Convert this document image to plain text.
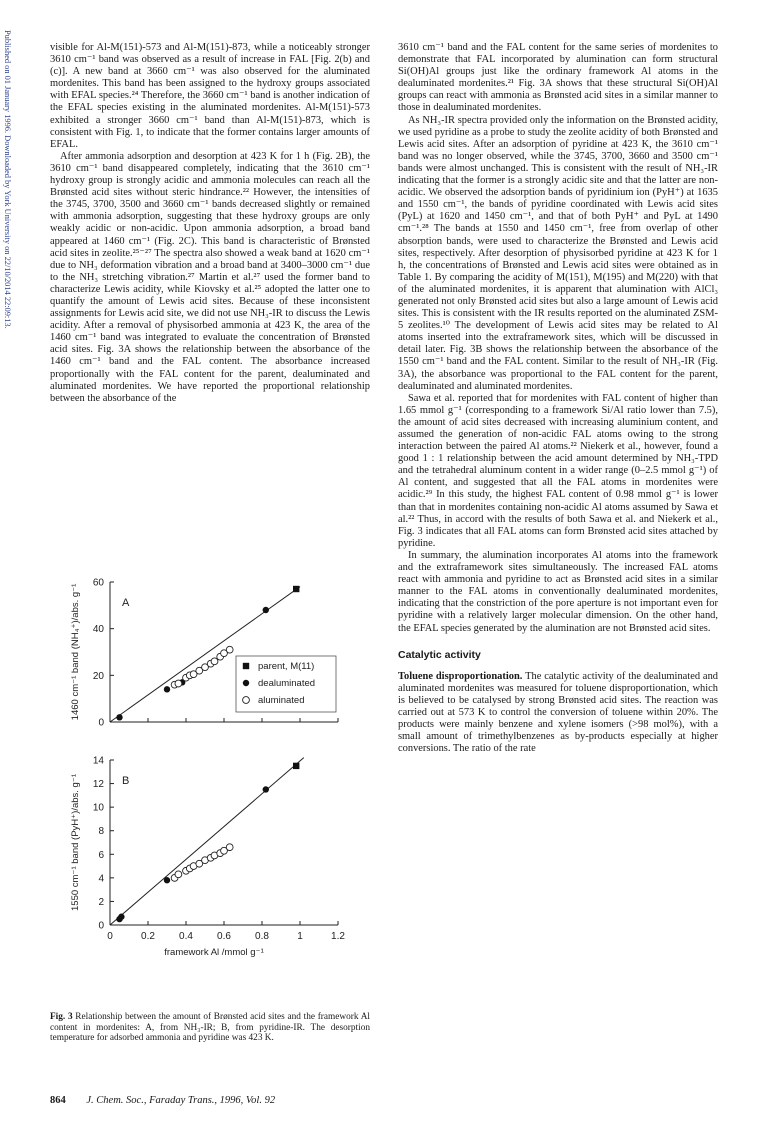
Published on 01 January 1996. Downloaded by York University on 22/10/2014 22:09:13.	visible for Al-M(151)-573 and Al-M(151)-873, while a noticeably stronger 3610 cm⁻¹ band was observed as a result of increase in FAL [Fig. 2(b) and (c)]. A new band at 3660 cm⁻¹ was also observed for the aluminated mordenites. This band has been assigned to the hydroxy groups associated with EFAL species.²⁴ Therefore, the 3660 cm⁻¹ band is another indication of the EFAL species existing in the aluminated mordenites. Al-M(151)-573 exhibited a stronger 3660 cm⁻¹ band than Al-M(151)-873, which is consistent with Fig. 1, to indicate that the former contains larger amounts of EFAL.

After ammonia adsorption and desorption at 423 K for 1 h (Fig. 2B), the 3610 cm⁻¹ band disappeared completely, indicating that the 3610 cm⁻¹ hydroxy group is strongly acidic and ammonia molecules can reach all the Brønsted acid sites without steric hindrance.²² However, the intensities of the 3745, 3700, 3500 and 3660 cm⁻¹ bands decreased slightly or remained with ammonia adsorption, suggesting that these hydroxy groups are only weakly acidic or non-acidic. Upon ammonia adsorption, a broad band appeared at 1460 cm⁻¹ (Fig. 2C). This band is characteristic of Brønsted acid sites in zeolite.²⁵⁻²⁷ The spectra also showed a weak band at 1620 cm⁻¹ due to NH₃ deformation vibration and a broad band at 3400–3000 cm⁻¹ due to the NH₃ stretching vibration.²⁷ Martin et al.²⁷ used the former band to characterize Lewis acidity, while Kiovsky et al.²⁵ adopted the latter one to quantify the amount of Lewis acid sites. Because of these inconsistent assignments for Lewis acid site, we did not use NH₃-IR to discuss the Lewis acidity. After a removal of physisorbed ammonia at 423 K, the area of the 1460 cm⁻¹ band was integrated to evaluate the concentration of Brønsted acid sites. Fig. 3A shows the relationship between the absorbance of the 1460 cm⁻¹ band and the FAL content. The absorbance increased proportionally with the FAL content for the parent, dealuminated and aluminated mordenites. We have reported the proportional relationship between the absorbance of the

3610 cm⁻¹ band and the FAL content for the same series of mordenites to demonstrate that FAL incorporated by alumination can form structural Si(OH)Al groups just like the ordinary framework Al atoms in the dealuminated mordenites.²¹ Fig. 3A shows that these structural Si(OH)Al groups can react with ammonia as Brønsted acid sites in a similar manner to those in dealuminated mordenites.

As NH₃-IR spectra provided only the information on the Brønsted acidity, we used pyridine as a probe to study the zeolite acidity of both Brønsted and Lewis acid sites. After an adsorption of pyridine at 423 K, the 3610 cm⁻¹ band was no longer observed, while the 3745, 3700, 3660 and 3500 cm⁻¹ bands were almost unchanged. This is consistent with the result of NH₃-IR indicating that the former is a strongly acidic site and that the latter are non-acidic. We observed the adsorption bands of pyridinium ion (PyH⁺) at 1635 and 1550 cm⁻¹, the bands of pyridine coordinated with Lewis acid sites (PyL) at 1620 and 1450 cm⁻¹, and that of both PyH⁺ and PyL at 1490 cm⁻¹.²⁸ The bands at 1550 and 1450 cm⁻¹, free from overlap of other absorption bands, were used to characterize the Brønsted and Lewis acid sites, respectively. After desorption of physisorbed pyridine at 423 K for 1 h, the concentrations of Brønsted and Lewis acid sites were obtained as in Table 1. By comparing the acidity of M(151), M(195) and M(220) with that of the aluminated mordenites, it is apparent that alumination with AlCl₃ generated not only Brønsted acid sites but also a large amount of Lewis acid sites. This is consistent with the IR results reported on the aluminated ZSM-5 zeolites.¹⁰ The development of Lewis acid sites may be related to Al atoms inserted into the extraframework sites, which will be discussed in detail later. Fig. 3B shows the relationship between the absorbance of the 1550 cm⁻¹ band and the FAL content. Similar to the result of NH₃-IR (Fig. 3A), the absorbance was proportional to the FAL content for the parent, dealuminated and aluminated mordenites.

Sawa et al. reported that for mordenites with FAL content of higher than 1.65 mmol g⁻¹ (corresponding to a framework Si/Al ratio lower than 7.5), the amount of acid sites decreased with increasing aluminium content, and assumed the generation of non-acidic FAL atoms owing to the strong interaction between the paired Al atoms.²² Niekerk et al., however, found a good 1 : 1 relationship between the acid amount determined by NH₃-TPD and the tetrahedral aluminum content in a wider range (0–2.5 mmol g⁻¹) of Al content, and suggested that all the FAL atoms in mordenites were acidic.²⁹ In this study, the highest FAL content of 0.98 mmol g⁻¹ is lower than that in mordenites containing non-acidic Al atoms assumed by Sawa et al.²² Thus, in accord with the results of both Sawa et al. and Niekerk et al., Fig. 3 indicates that all FAL atoms can form Brønsted acid sites attached by pyridine.

In summary, the alumination incorporates Al atoms into the framework and the extraframework sites simultaneously. The increased FAL atoms react with ammonia and pyridine to act as Brønsted acid sites in a similar manner to the FAL atoms in conventionally dealuminated mordenites, indicating that the constriction of the pore aperture is not important even for pyridine with a relatively larger molecular dimension. On the other hand, the EFAL species generated by the alumination are not Brønsted acid sites.

Catalytic activity

Toluene disproportionation. The catalytic activity of the dealuminated and aluminated mordenites was measured for toluene disproportionation, which is believed to be catalysed by strong Brønsted acid sites. The reaction was carried out at 573 K to control the conversion of toluene within 20%. The products were mainly benzene and xylene isomers (>98 mol%), with a small amount of trimethylbenzenes as by-products especially at higher conversions. The ratio of the rate

0
20
40
60
A
1460 cm⁻¹ band (NH₄⁺)/abs. g⁻¹	parent, M(11)
dealuminated
aluminated
0
2
4
6
8
10
12
14
0	0.2 0.4 0.6 0.8	1	1.2
B
1550 cm⁻¹ band (PyH⁺)/abs. g⁻¹
framework Al /mmol g⁻¹
Fig. 3 Relationship between the amount of Brønsted acid sites and the framework Al content in mordenites: A, from NH₃-IR; B, from pyridine-IR. The desorption temperature for adsorbed ammonia and pyridine was 423 K.
864 J. Chem. Soc., Faraday Trans., 1996, Vol. 92
